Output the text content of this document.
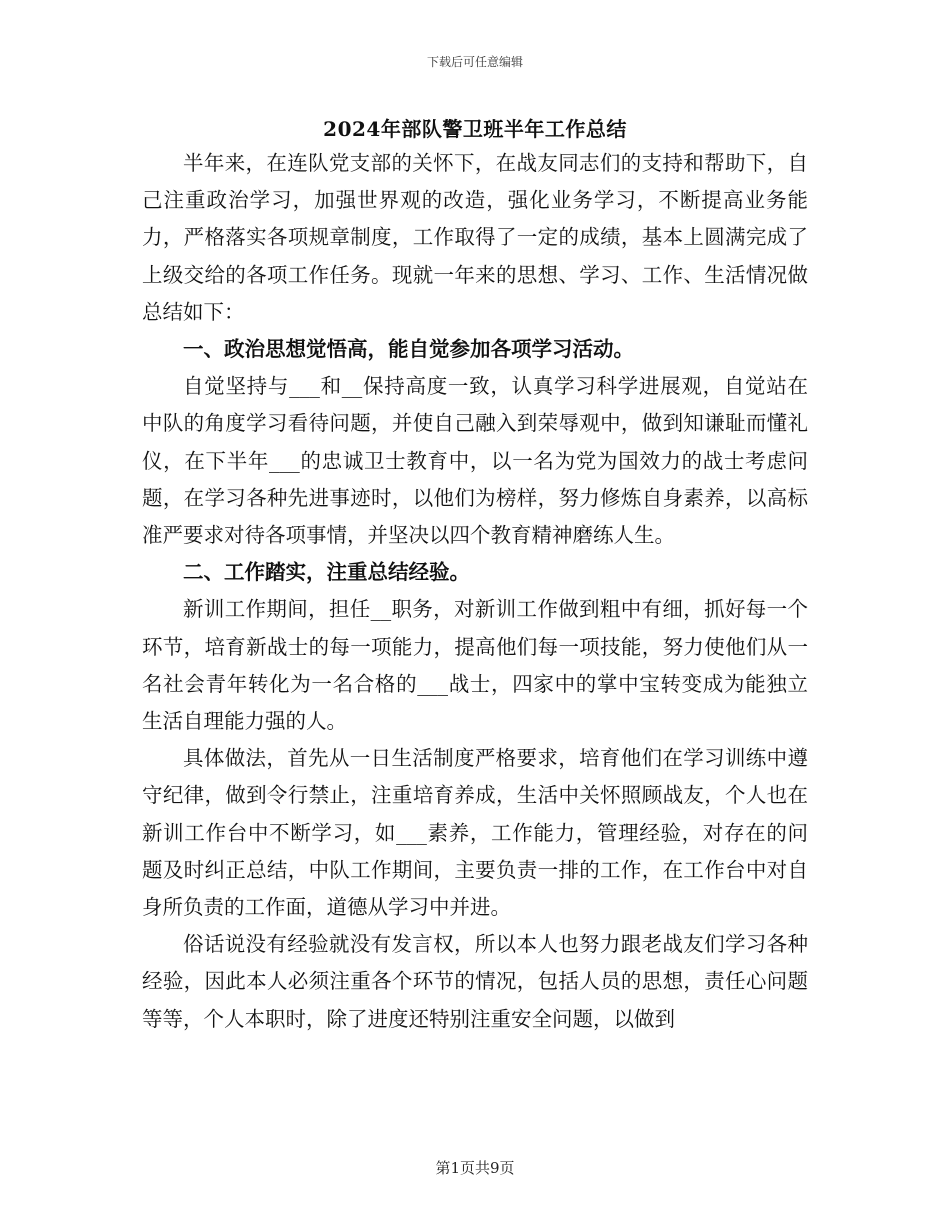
下载后可任意编辑
2024年部队警卫班半年工作总结

半年来，在连队党支部的关怀下，在战友同志们的支持和帮助下，自己注重政治学习，加强世界观的改造，强化业务学习，不断提高业务能力，严格落实各项规章制度，工作取得了一定的成绩，基本上圆满完成了上级交给的各项工作任务。现就一年来的思想、学习、工作、生活情况做总结如下：

一、政治思想觉悟高，能自觉参加各项学习活动。

自觉坚持与___和__保持高度一致，认真学习科学进展观，自觉站在中队的角度学习看待问题，并使自己融入到荣辱观中，做到知谦耻而懂礼仪，在下半年___的忠诚卫士教育中，以一名为党为国效力的战士考虑问题，在学习各种先进事迹时，以他们为榜样，努力修炼自身素养，以高标准严要求对待各项事情，并坚决以四个教育精神磨练人生。

二、工作踏实，注重总结经验。

新训工作期间，担任__职务，对新训工作做到粗中有细，抓好每一个环节，培育新战士的每一项能力，提高他们每一项技能，努力使他们从一名社会青年转化为一名合格的___战士，四家中的掌中宝转变成为能独立生活自理能力强的人。

具体做法，首先从一日生活制度严格要求，培育他们在学习训练中遵守纪律，做到令行禁止，注重培育养成，生活中关怀照顾战友，个人也在新训工作台中不断学习，如___素养，工作能力，管理经验，对存在的问题及时纠正总结，中队工作期间，主要负责一排的工作，在工作台中对自身所负责的工作面，道德从学习中并进。

俗话说没有经验就没有发言权，所以本人也努力跟老战友们学习各种经验，因此本人必须注重各个环节的情况，包括人员的思想，责任心问题等等，个人本职时，除了进度还特别注重安全问题，以做到

第1页共9页
